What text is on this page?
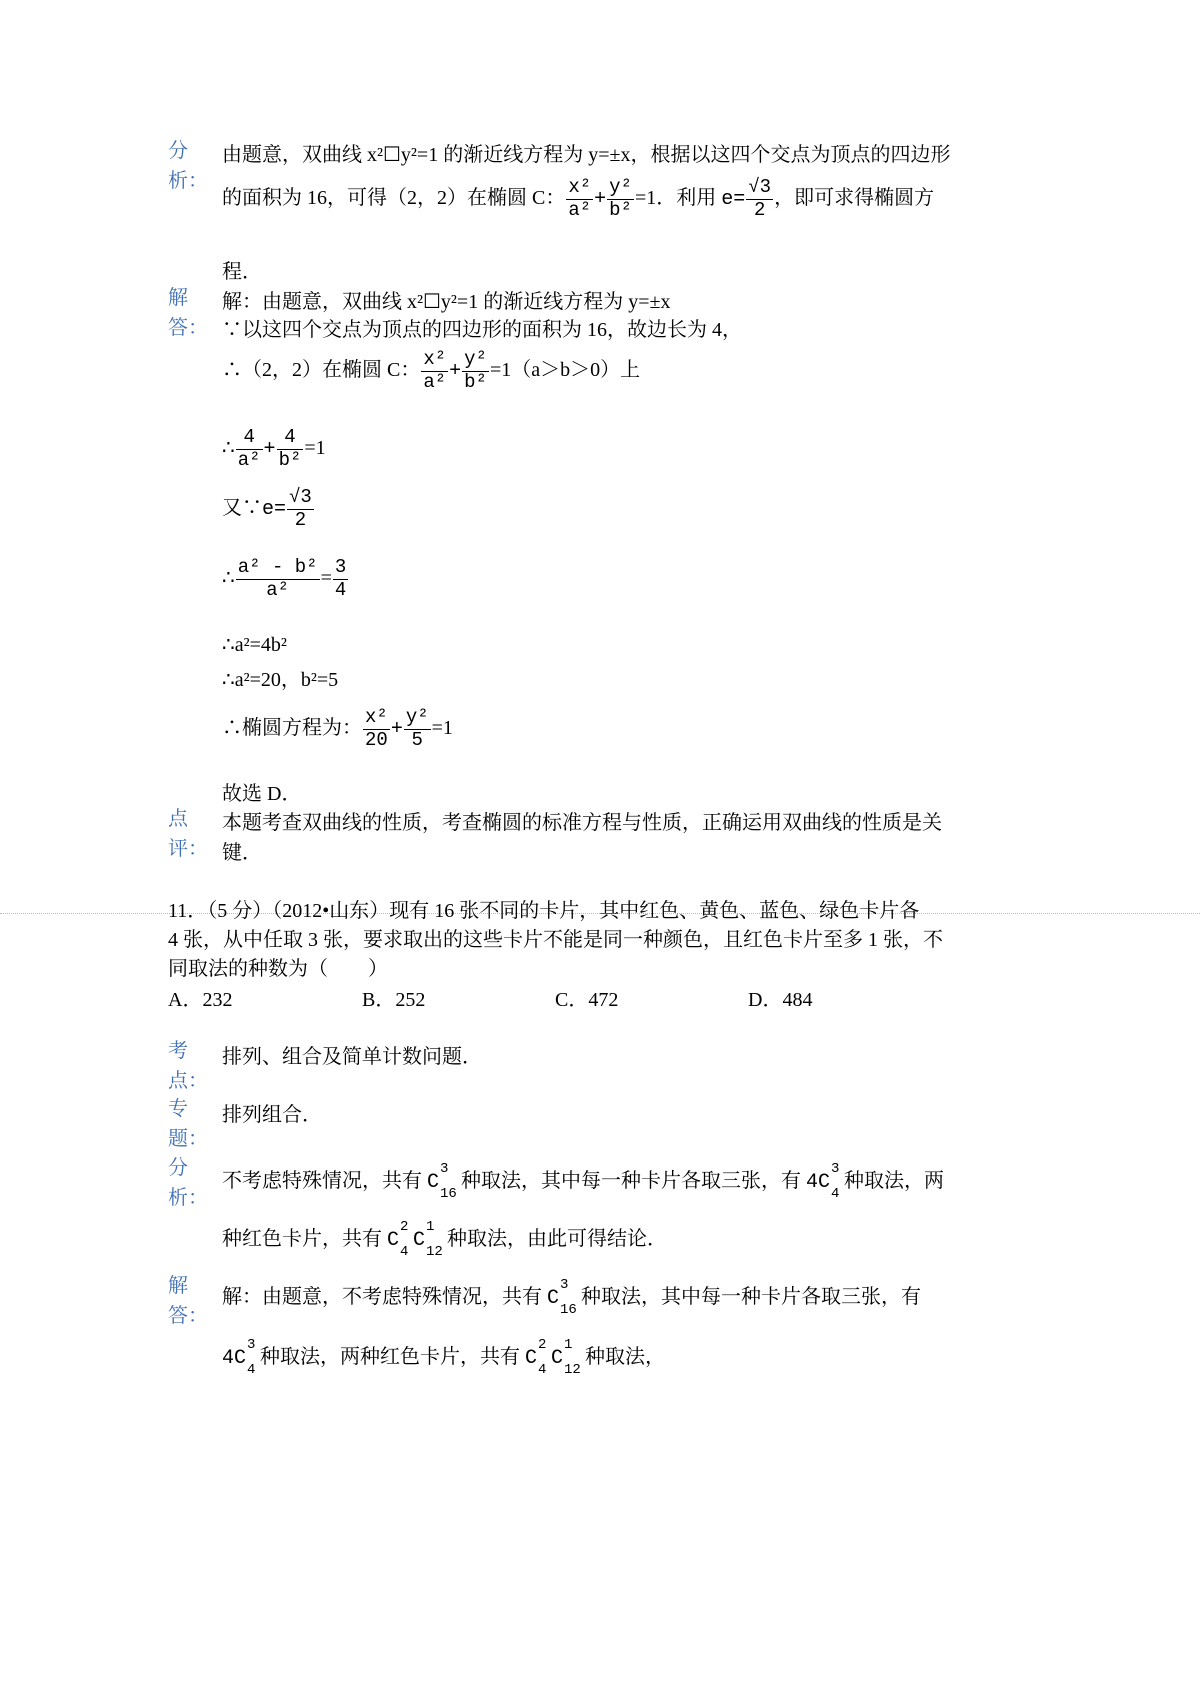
分
析：
由题意，双曲线 x²☐y²=1 的渐近线方程为 y=±x，根据以这四个交点为顶点的四边形
的面积为 16，可得（2，2）在椭圆 C： $\frac{\text{x²}}{\text{a²}} + \frac{\text{y²}}{\text{b²}} =1$．利用 $e= \frac{√3}{2}$ ，即可求得椭圆方
程．
解
答：
解：由题意，双曲线 x²☐y²=1 的渐近线方程为 y=±x
∵以这四个交点为顶点的四边形的面积为 16，故边长为 4，
∴（2，2）在椭圆 C： $\frac{\text{x²}}{\text{a²}} + \frac{\text{y²}}{\text{b²}} =1(a>b>0)$上
∴ $\frac{4}{\text{a²}} + \frac{4}{\text{b²}} =1$
又∵e= $\frac{√3}{2}$
∴ $\frac{\text{a² - b²}}{\text{a²}} = \frac{3}{4}$
∴a²=4b²
∴a²=20，b²=5
∴椭圆方程为： $\frac{\text{x²}}{20} + \frac{\text{y²}}{5} =1$
故选 D．
点
评：
本题考查双曲线的性质，考查椭圆的标准方程与性质，正确运用双曲线的性质是关
键．
11．（5 分）（2012•山东）现有 16 张不同的卡片，其中红色、黄色、蓝色、绿色卡片各
4 张，从中任取 3 张，要求取出的这些卡片不能是同一种颜色，且红色卡片至多 1 张，不
同取法的种数为（　　）
A．232	B．252	C．472	D．484
考
点：
排列、组合及简单计数问题．
专
题：
排列组合．
分
析：
不考虑特殊情况，共有 C
3
16
种取法，其中每一种卡片各取三张，有 4C
3
4
种取法，两
种红色卡片，共有 C
2
4 C
1
12
种取法，由此可得结论．
解
答：
解：由题意，不考虑特殊情况，共有 C
3
16
种取法，其中每一种卡片各取三张，有
4C
3
4
种取法，两种红色卡片，共有 C
2
4 C
1
12
种取法，
